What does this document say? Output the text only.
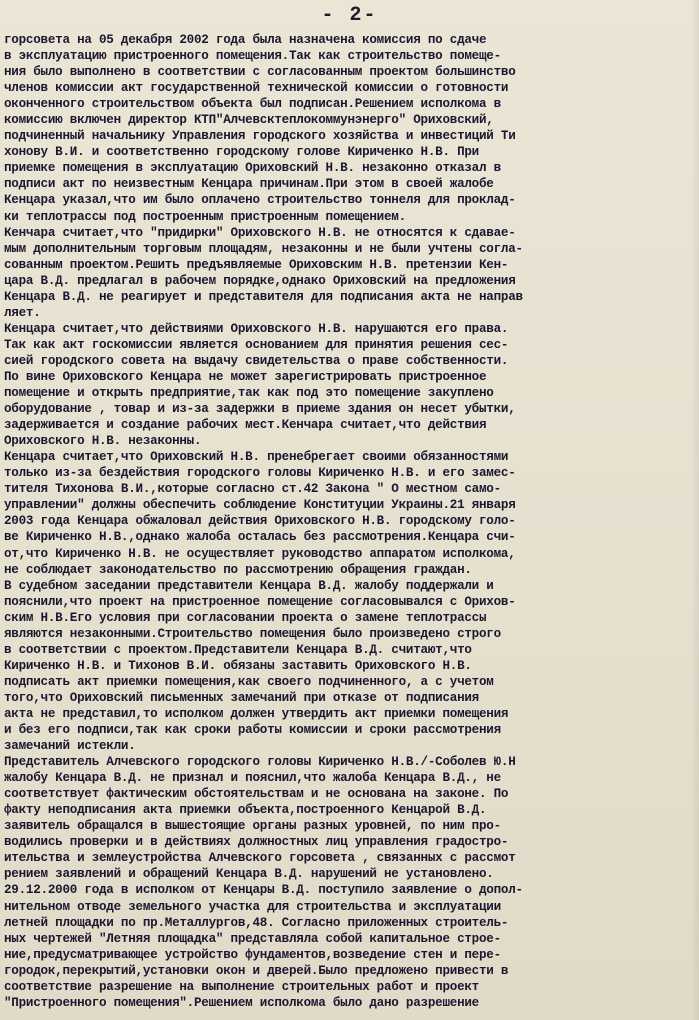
- 2-
горсовета на 05 декабря 2002 года была назначена комиссия по сдаче
в эксплуатацию пристроенного помещения.Так как строительство помеще-
ния было выполнено в соответствии с согласованным проектом большинство
членов комиссии акт государственной технической комиссии о готовности
оконченного строительством объекта был подписан.Решением исполкома в
комиссию включен директор КТП"Алчевсктеплокоммунэнерго" Ориховский,
подчиненный начальнику Управления городского хозяйства и инвестиций Ти
хонову В.И. и соответственно городскому голове Кириченко Н.В. При
приемке помещения в эксплуатацию Ориховский Н.В. незаконно отказал в
подписи акт по неизвестным Кенцара причинам.При этом в своей жалобе
Кенцара указал,что им было оплачено строительство тоннеля для проклад-
ки теплотрассы под построенным пристроенным помещением.
Кенчара считает,что "придирки" Ориховского Н.В. не относятся к сдавае-
мым дополнительным торговым площадям, незаконны и не были учтены согла-
сованным проектом.Решить предъявляемые Ориховским Н.В. претензии Кен-
цара В.Д. предлагал в рабочем порядке,однако Ориховский на предложения
Кенцара В.Д. не реагирует и представителя для подписания акта не направ
ляет.
Кенцара считает,что действиями Ориховского Н.В. нарушаются его права.
Так как акт госкомиссии является основанием для принятия решения сес-
сией городского совета на выдачу свидетельства о праве собственности.
По вине Ориховского Кенцара не может зарегистрировать пристроенное
помещение и открыть предприятие,так как под это помещение закуплено
оборудование , товар и из-за задержки в приеме здания он несет убытки,
задерживается и создание рабочих мест.Кенчара считает,что действия
Ориховского Н.В. незаконны.
Кенцара считает,что Ориховский Н.В. пренебрегает своими обязанностями
только из-за бездействия городского головы Кириченко Н.В. и его замес-
тителя Тихонова В.И.,которые согласно ст.42 Закона " О местном само-
управлении" должны обеспечить соблюдение Конституции Украины.21 января
2003 года Кенцара обжаловал действия Ориховского Н.В. городскому голо-
ве Кириченко Н.В.,однако жалоба осталась без рассмотрения.Кенцара счи-
от,что Кириченко Н.В. не осуществляет руководство аппаратом исполкома,
не соблюдает законодательство по рассмотрению обращения граждан.
В судебном заседании представители Кенцара В.Д. жалобу поддержали и
пояснили,что проект на пристроенное помещение согласовывался с Орихов-
ским Н.В.Его условия при согласовании проекта о замене теплотрассы
являются незаконными.Строительство помещения было произведено строго
в соответствии с проектом.Представители Кенцара В.Д. считают,что
Кириченко Н.В. и Тихонов В.И. обязаны заставить Ориховского Н.В.
подписать акт приемки помещения,как своего подчиненного, а с учетом
того,что Ориховский письменных замечаний при отказе от подписания
акта не представил,то исполком должен утвердить акт приемки помещения
и без его подписи,так как сроки работы комиссии и сроки рассмотрения
замечаний истекли.
Представитель Алчевского городского головы Кириченко Н.В./-Соболев Ю.Н
жалобу Кенцара В.Д. не признал и пояснил,что жалоба Кенцара В.Д., не
соответствует фактическим обстоятельствам и не основана на законе. По
факту неподписания акта приемки объекта,построенного Кенцарой В.Д.
заявитель обращался в вышестоящие органы разных уровней, по ним про-
водились проверки и в действиях должностных лиц управления градостро-
ительства и землеустройства Алчевского горсовета , связанных с рассмот
рением заявлений и обращений Кенцара В.Д. нарушений не установлено.
29.12.2000 года в исполком от Кенцары В.Д. поступило заявление о допол-
нительном отводе земельного участка для строительства и эксплуатации
летней площадки по пр.Металлургов,48. Согласно приложенных строитель-
ных чертежей "Летняя площадка" представляла собой капитальное строе-
ние,предусматривающее устройство фундаментов,возведение стен и пере-
городок,перекрытий,установки окон и дверей.Было предложено привести в
соответствие разрешение на выполнение строительных работ и проект
"Пристроенного помещения".Решением исполкома было дано разрешение
